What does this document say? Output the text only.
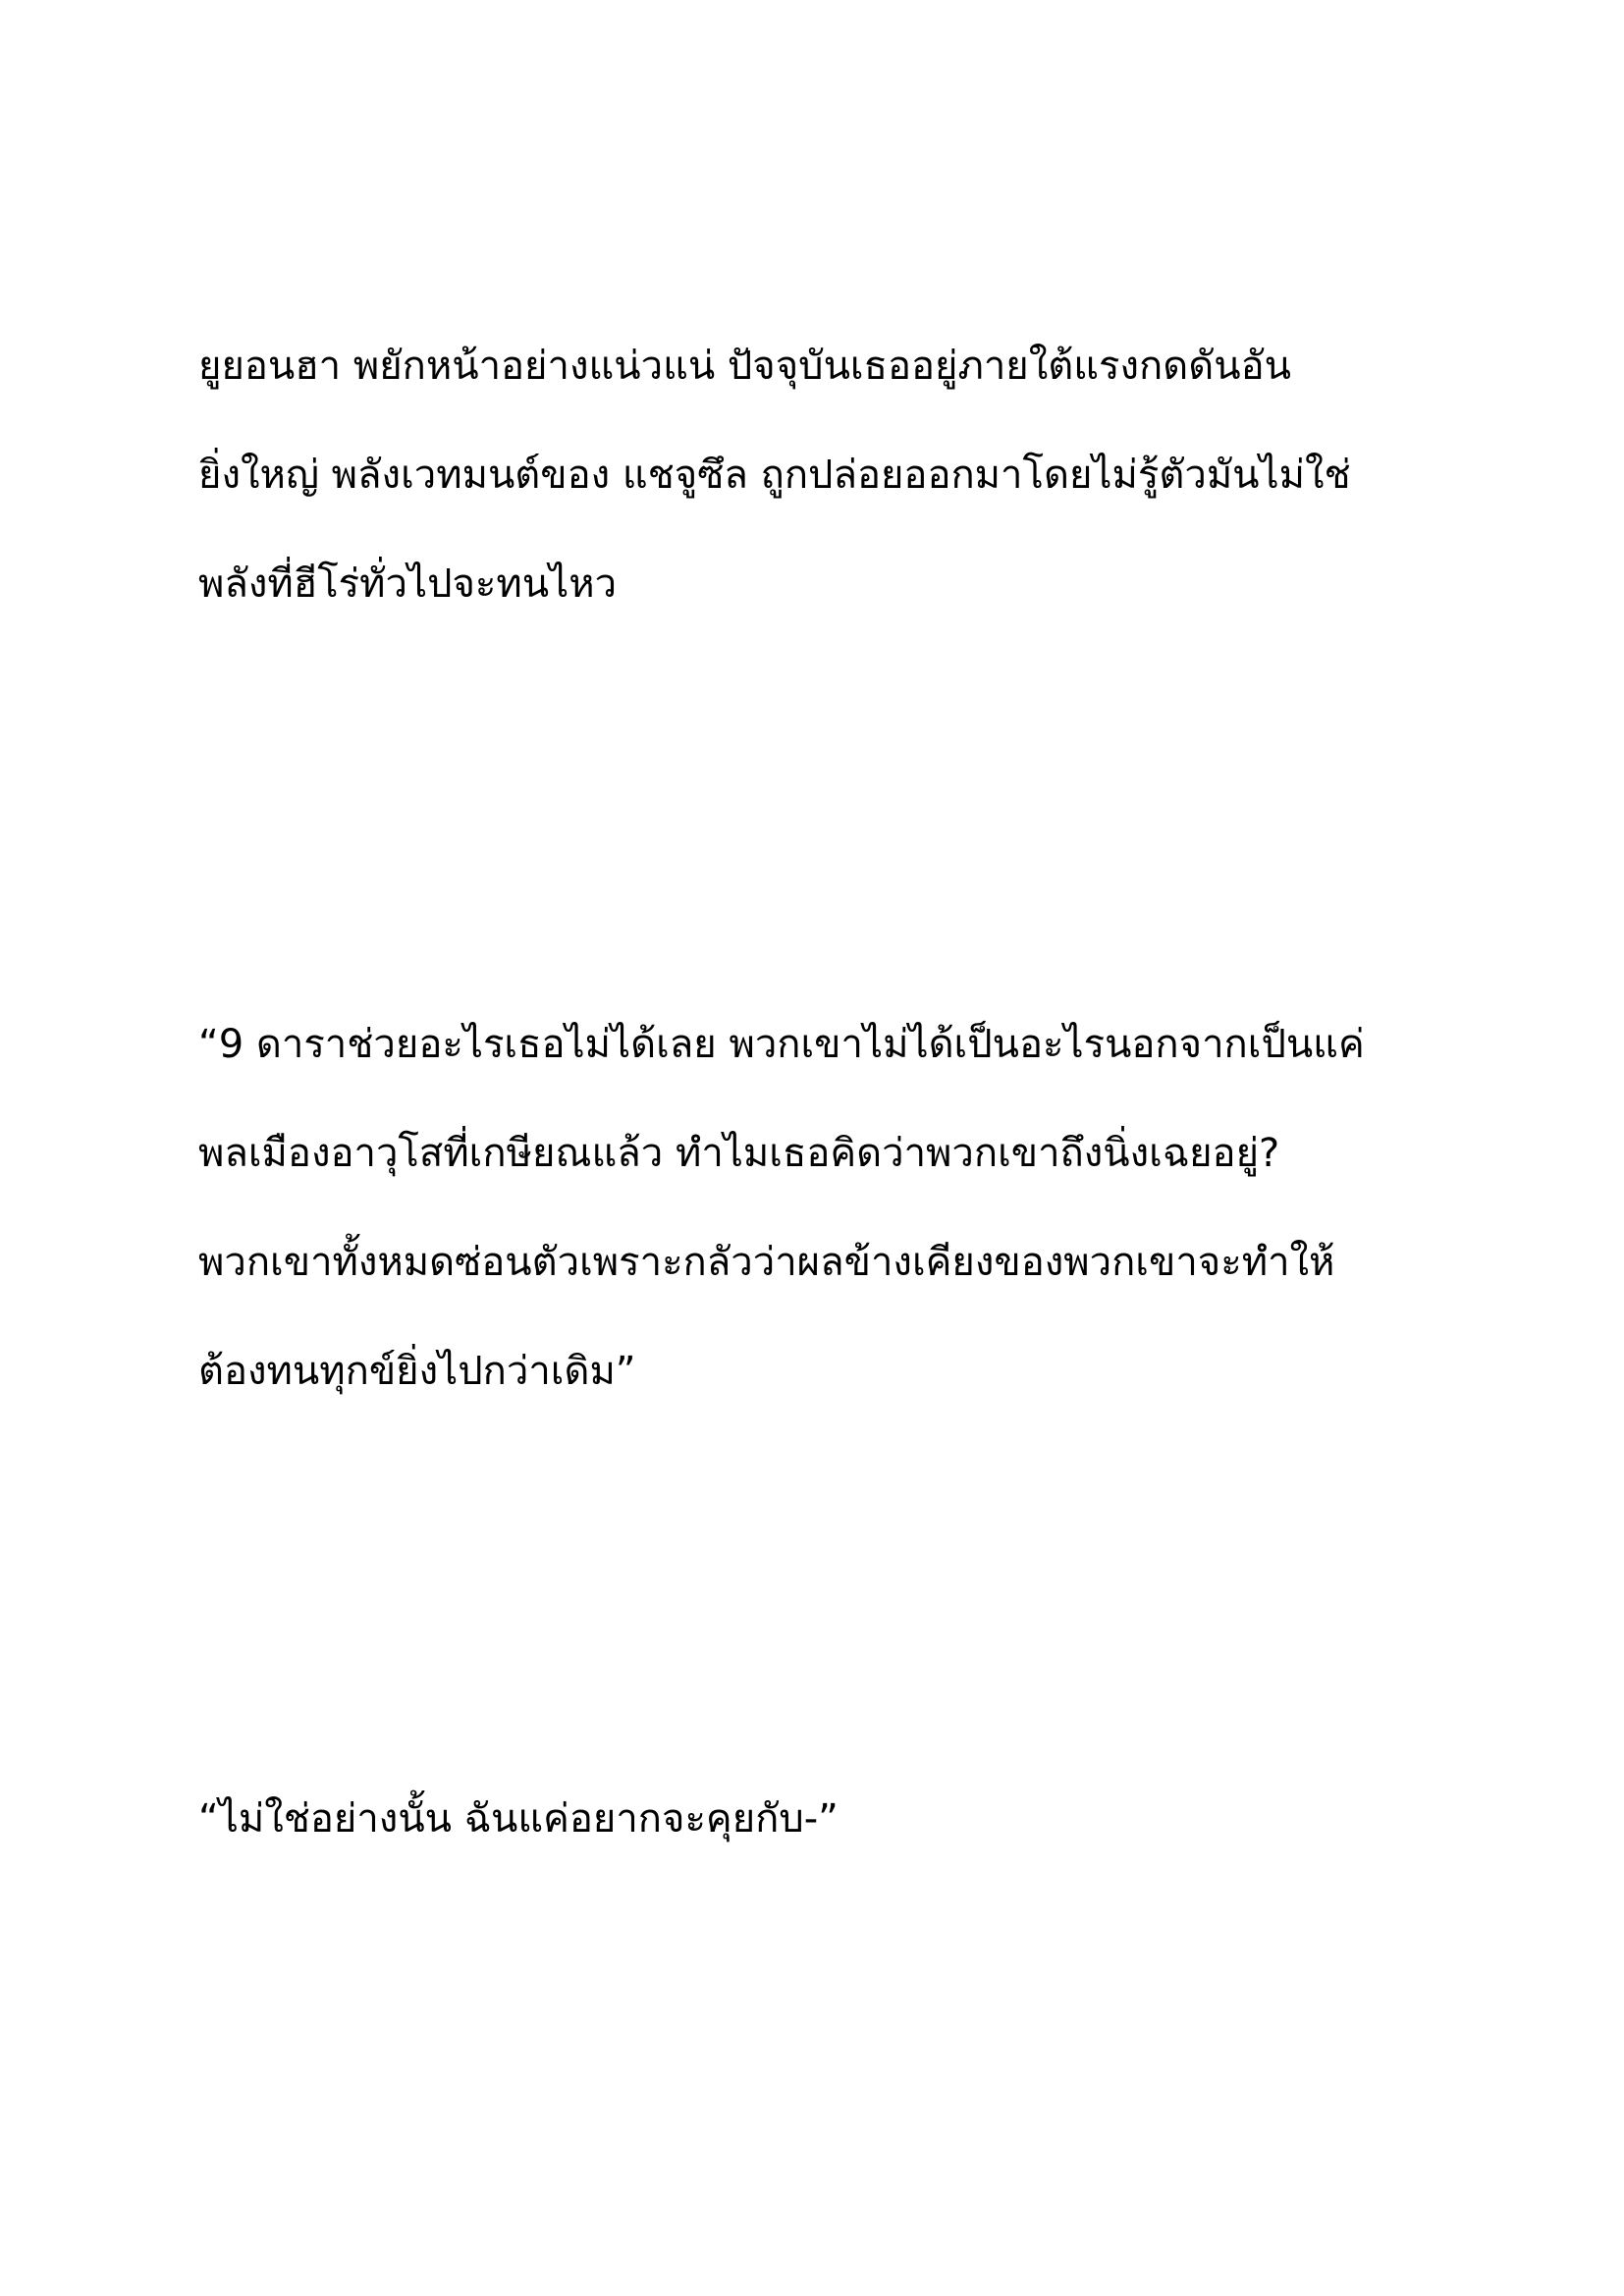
ยูยอนฮา พยักหน้าอย่างแน่วแน่ ปัจจุบันเธออยู่ภายใต้แรงกดดันอัน
ยิ่งใหญ่ พลังเวทมนต์ของ แชจูซึล ถูกปล่อยออกมาโดยไม่รู้ตัวมันไม่ใช่
พลังที่ฮีโร่ทั่วไปจะทนไหว
“9 ดาราช่วยอะไรเธอไม่ได้เลย พวกเขาไม่ได้เป็นอะไรนอกจากเป็นแค่
พลเมืองอาวุโสที่เกษียณแล้ว ทำไมเธอคิดว่าพวกเขาถึงนิ่งเฉยอยู่?
พวกเขาทั้งหมดซ่อนตัวเพราะกลัวว่าผลข้างเคียงของพวกเขาจะทำให้
ต้องทนทุกข์ยิ่งไปกว่าเดิม”
“ไม่ใช่อย่างนั้น ฉันแค่อยากจะคุยกับ-”
